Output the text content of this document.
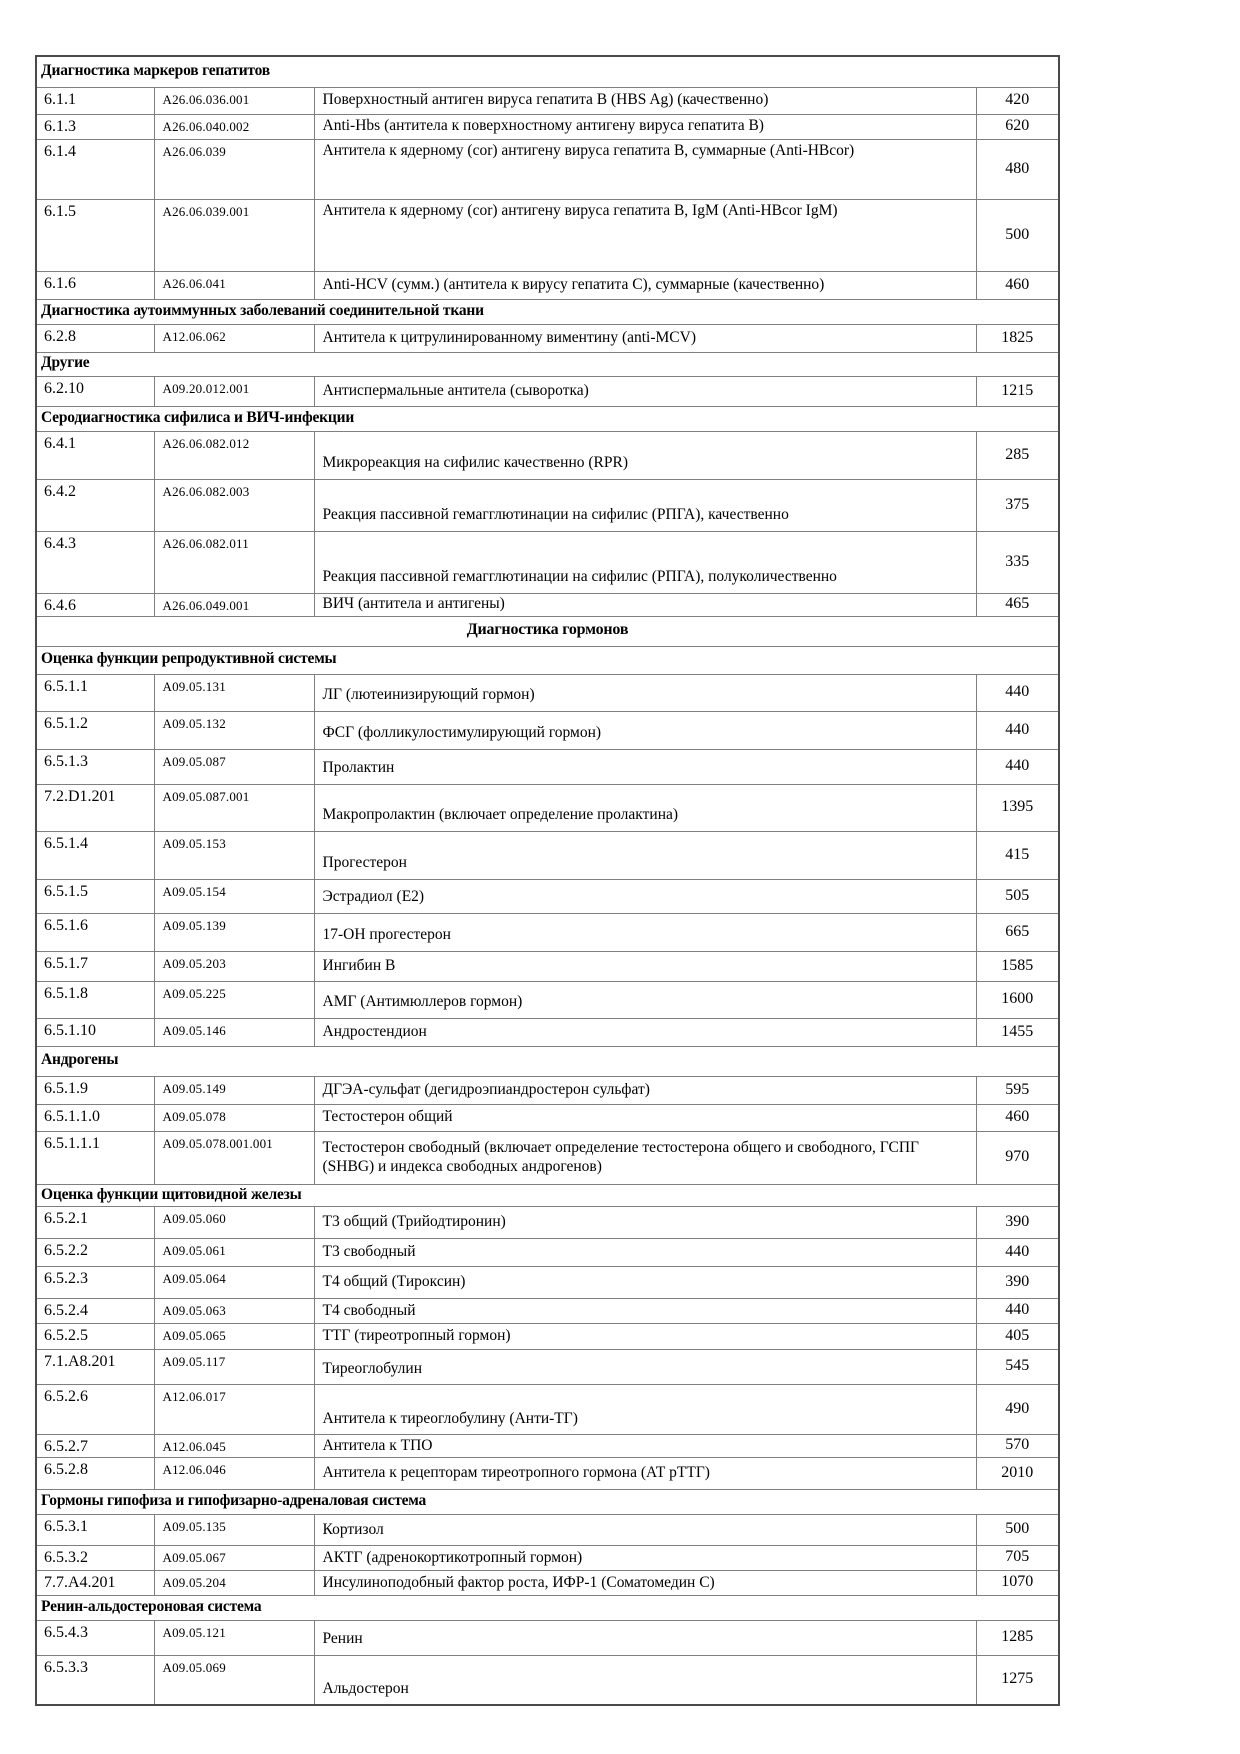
Диагностика маркеров гепатитов			
6.1.1	A26.06.036.001	Поверхностный антиген вируса гепатита В (HBS Ag) (качественно)	420
6.1.3	A26.06.040.002	Anti-Hbs (антитела к поверхностному антигену вируса гепатита В)	620
6.1.4	A26.06.039	Антитела к ядерному (cor) антигену вируса гепатита В, суммарные (Anti-HBcor)	480
6.1.5	A26.06.039.001	Антитела к ядерному (cor) антигену вируса гепатита В, IgM (Anti-HBcor IgM)	500
6.1.6	A26.06.041	Anti-HCV (сумм.) (антитела к вирусу гепатита С), суммарные (качественно)	460
Диагностика аутоиммунных заболеваний соединительной ткани			
6.2.8	A12.06.062	Антитела к цитрулинированному виментину (anti-MCV)	1825
Другие			
6.2.10	A09.20.012.001	Антиспермальные антитела (сыворотка)	1215
Серодиагностика сифилиса и ВИЧ-инфекции			
6.4.1	A26.06.082.012	Микрореакция на сифилис качественно (RPR)	285
6.4.2	A26.06.082.003	Реакция пассивной гемагглютинации на сифилис (РПГА), качественно	375
6.4.3	A26.06.082.011	Реакция пассивной гемагглютинации на сифилис (РПГА), полуколичественно	335
6.4.6	A26.06.049.001	ВИЧ (антитела и антигены)	465
Диагностика гормонов			
Оценка функции репродуктивной системы			
6.5.1.1	A09.05.131	ЛГ (лютеинизирующий гормон)	440
6.5.1.2	A09.05.132	ФСГ (фолликулостимулирующий гормон)	440
6.5.1.3	A09.05.087	Пролактин	440
7.2.D1.201	A09.05.087.001	Макропролактин (включает определение пролактина)	1395
6.5.1.4	A09.05.153	Прогестерон	415
6.5.1.5	A09.05.154	Эстрадиол (Е2)	505
6.5.1.6	A09.05.139	17-ОН прогестерон	665
6.5.1.7	A09.05.203	Ингибин В	1585
6.5.1.8	A09.05.225	АМГ (Антимюллеров гормон)	1600
6.5.1.10	A09.05.146	Андростендион	1455
Андрогены			
6.5.1.9	A09.05.149	ДГЭА-сульфат (дегидроэпиандростерон сульфат)	595
6.5.1.1.0	A09.05.078	Тестостерон общий	460
6.5.1.1.1	A09.05.078.001.001	Тестостерон свободный (включает определение тестостерона общего и свободного, ГСПГ (SHBG) и индекса свободных андрогенов)	970
Оценка функции щитовидной железы			
6.5.2.1	A09.05.060	Т3 общий (Трийодтиронин)	390
6.5.2.2	A09.05.061	Т3 свободный	440
6.5.2.3	A09.05.064	Т4 общий (Тироксин)	390
6.5.2.4	A09.05.063	Т4 свободный	440
6.5.2.5	A09.05.065	ТТГ (тиреотропный гормон)	405
7.1.A8.201	A09.05.117	Тиреоглобулин	545
6.5.2.6	A12.06.017	Антитела к тиреоглобулину (Анти-ТГ)	490
6.5.2.7	A12.06.045	Антитела к ТПО	570
6.5.2.8	A12.06.046	Антитела к рецепторам тиреотропного гормона (АТ рТТГ)	2010
Гормоны гипофиза и гипофизарно-адреналовая система			
6.5.3.1	A09.05.135	Кортизол	500
6.5.3.2	A09.05.067	АКТГ (адренокортикотропный гормон)	705
7.7.A4.201	A09.05.204	Инсулиноподобный фактор роста, ИФР-1 (Соматомедин С)	1070
Ренин-альдостероновая система			
6.5.4.3	A09.05.121	Ренин	1285
6.5.3.3	A09.05.069	Альдостерон	1275
